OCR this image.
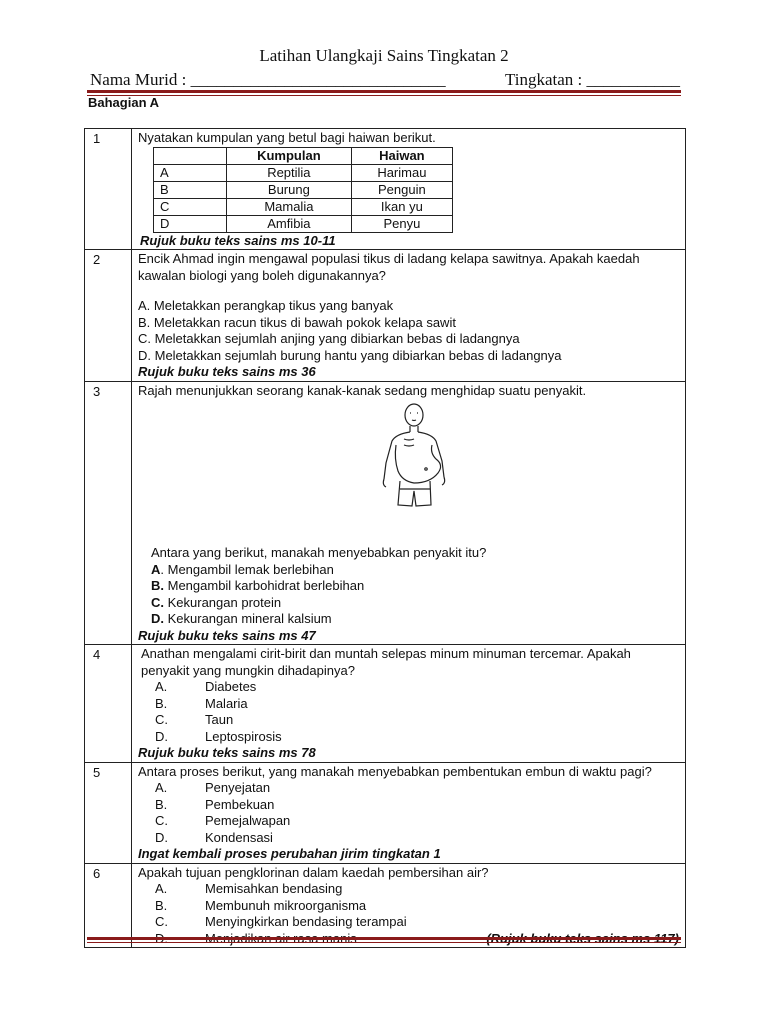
Latihan Ulangkaji Sains Tingkatan 2
Nama Murid : ______________________________	Tingkatan : ___________
Bahagian A
1	Nyatakan kumpulan yang betul bagi haiwan berikut.
	Kumpulan	Haiwan
A	Reptilia	Harimau
B	Burung	Penguin
C	Mamalia	Ikan yu
D	Amfibia	Penyu
Rujuk buku teks sains ms 10-11

2	Encik Ahmad ingin mengawal populasi tikus di ladang kelapa sawitnya. Apakah kaedah kawalan biologi yang boleh digunakannya?
A. Meletakkan perangkap tikus yang banyak
B. Meletakkan racun tikus di bawah pokok kelapa sawit
C. Meletakkan sejumlah anjing yang dibiarkan bebas di ladangnya
D. Meletakkan sejumlah burung hantu yang dibiarkan bebas di ladangnya
Rujuk buku teks sains ms 36

3	Rajah menunjukkan seorang kanak-kanak sedang menghidap suatu penyakit.
Antara yang berikut, manakah menyebabkan penyakit itu?
A. Mengambil lemak berlebihan
B. Mengambil karbohidrat berlebihan
C. Kekurangan protein
D. Kekurangan mineral kalsium
Rujuk buku teks sains ms 47

4	Anathan mengalami cirit-birit dan muntah selepas minum minuman tercemar. Apakah penyakit yang mungkin dihadapinya?
A.	Diabetes
B.	Malaria
C.	Taun
D.	Leptospirosis
Rujuk buku teks sains ms 78

5	Antara proses berikut, yang manakah menyebabkan pembentukan embun di waktu pagi?
A.	Penyejatan
B.	Pembekuan
C.	Pemejalwapan
D.	Kondensasi
Ingat kembali proses perubahan jirim tingkatan 1

6	Apakah tujuan pengklorinan dalam kaedah pembersihan air?
A.	Memisahkan bendasing
B.	Membunuh mikroorganisma
C.	Menyingkirkan bendasing terampai
